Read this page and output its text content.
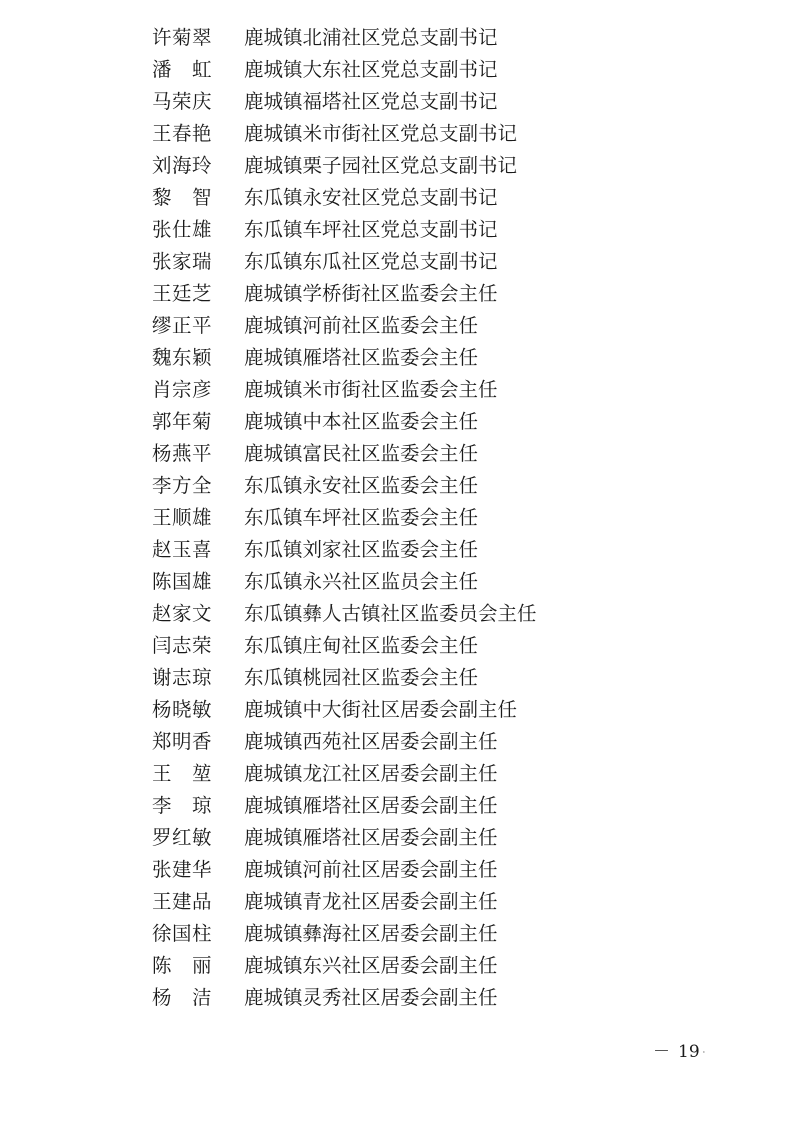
许菊翠 鹿城镇北浦社区党总支副书记
潘　虹 鹿城镇大东社区党总支副书记
马荣庆 鹿城镇福塔社区党总支副书记
王春艳 鹿城镇米市街社区党总支副书记
刘海玲 鹿城镇栗子园社区党总支副书记
黎　智 东瓜镇永安社区党总支副书记
张仕雄 东瓜镇车坪社区党总支副书记
张家瑞 东瓜镇东瓜社区党总支副书记
王廷芝 鹿城镇学桥街社区监委会主任
缪正平 鹿城镇河前社区监委会主任
魏东颖 鹿城镇雁塔社区监委会主任
肖宗彦 鹿城镇米市街社区监委会主任
郭年菊 鹿城镇中本社区监委会主任
杨燕平 鹿城镇富民社区监委会主任
李方全 东瓜镇永安社区监委会主任
王顺雄 东瓜镇车坪社区监委会主任
赵玉喜 东瓜镇刘家社区监委会主任
陈国雄 东瓜镇永兴社区监员会主任
赵家文 东瓜镇彝人古镇社区监委员会主任
闫志荣 东瓜镇庄甸社区监委会主任
谢志琼 东瓜镇桃园社区监委会主任
杨晓敏 鹿城镇中大街社区居委会副主任
郑明香 鹿城镇西苑社区居委会副主任
王　堃 鹿城镇龙江社区居委会副主任
李　琼 鹿城镇雁塔社区居委会副主任
罗红敏 鹿城镇雁塔社区居委会副主任
张建华 鹿城镇河前社区居委会副主任
王建品 鹿城镇青龙社区居委会副主任
徐国柱 鹿城镇彝海社区居委会副主任
陈　丽 鹿城镇东兴社区居委会副主任
杨　洁 鹿城镇灵秀社区居委会副主任
－ 19 ·
